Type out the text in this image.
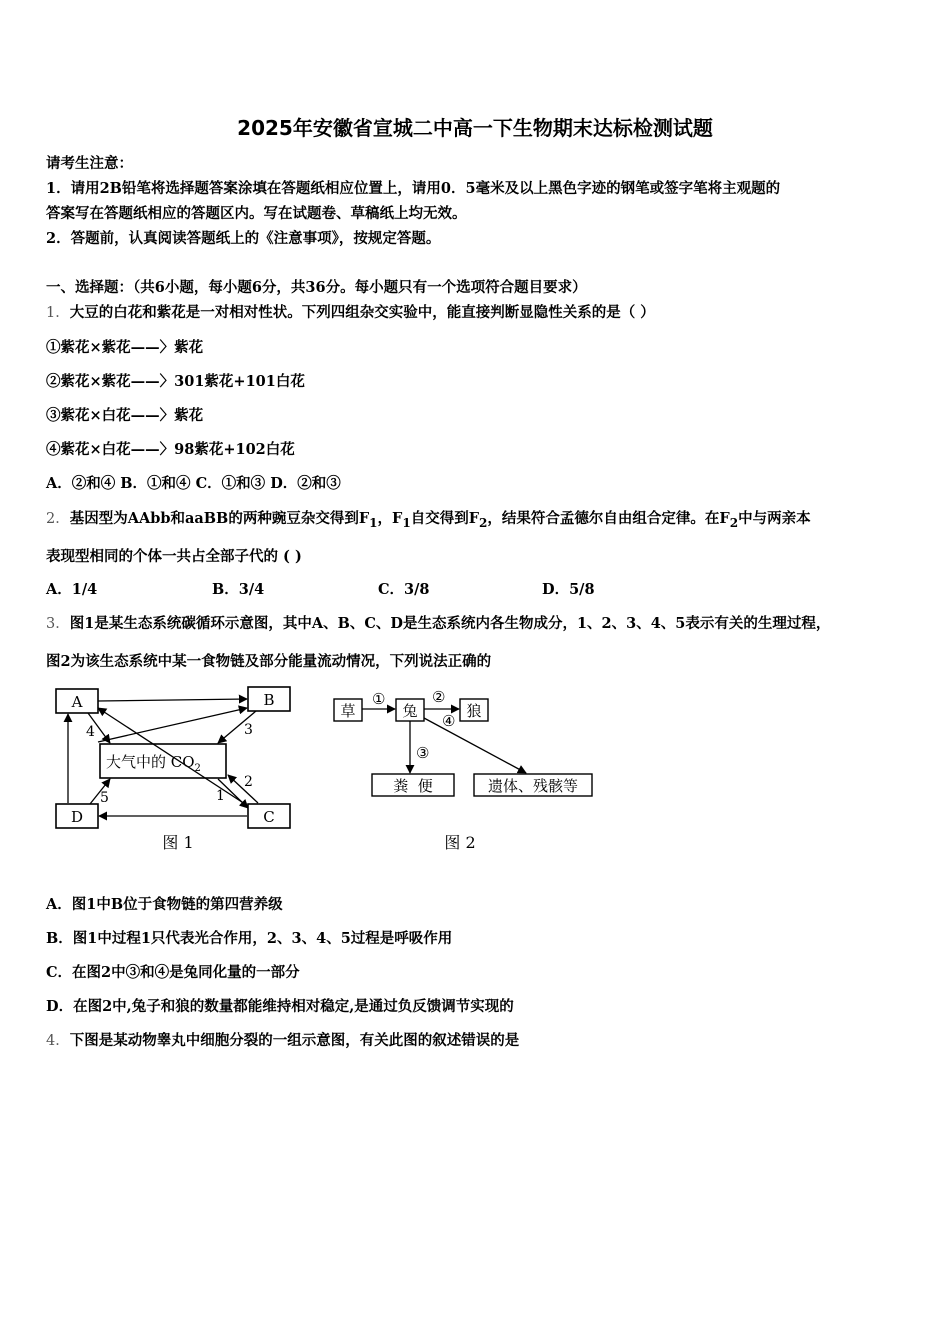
2025年安徽省宣城二中高一下生物期末达标检测试题
请考生注意：
1．请用2B铅笔将选择题答案涂填在答题纸相应位置上，请用0．5毫米及以上黑色字迹的钢笔或签字笔将主观题的
答案写在答题纸相应的答题区内。写在试题卷、草稿纸上均无效。
2．答题前，认真阅读答题纸上的《注意事项》，按规定答题。
一、选择题：（共6小题，每小题6分，共36分。每小题只有一个选项符合题目要求）
1．大豆的白花和紫花是一对相对性状。下列四组杂交实验中，能直接判断显隐性关系的是（ ）
①紫花×紫花——〉紫花
②紫花×紫花——〉301紫花+101白花
③紫花×白花——〉紫花
④紫花×白花——〉98紫花+102白花
A．②和④ B．①和④ C．①和③ D．②和③
2．基因型为AAbb和aaBB的两种豌豆杂交得到$F_1$，$F_1$自交得到$F_2$，结果符合孟德尔自由组合定律。在$F_2$中与两亲本
表现型相同的个体一共占全部子代的 ( )
A．1/4	B．3/4	C．3/8	D．5/8
3．图1是某生态系统碳循环示意图，其中A、B、C、D是生态系统内各生物成分，1、2、3、4、5表示有关的生理过程，
图2为该生态系统中某一食物链及部分能量流动情况，下列说法正确的
A	B
C
D
大气中的 $CO_2$
4	3
2
1
5
图 1
草	兔	狼
粪  便	遗体、残骸等
①	②
④
③
图 2
A．图1中B位于食物链的第四营养级
B．图1中过程1只代表光合作用，2、3、4、5过程是呼吸作用
C．在图2中③和④是兔同化量的一部分
D．在图2中,兔子和狼的数量都能维持相对稳定,是通过负反馈调节实现的
4．下图是某动物睾丸中细胞分裂的一组示意图，有关此图的叙述错误的是
